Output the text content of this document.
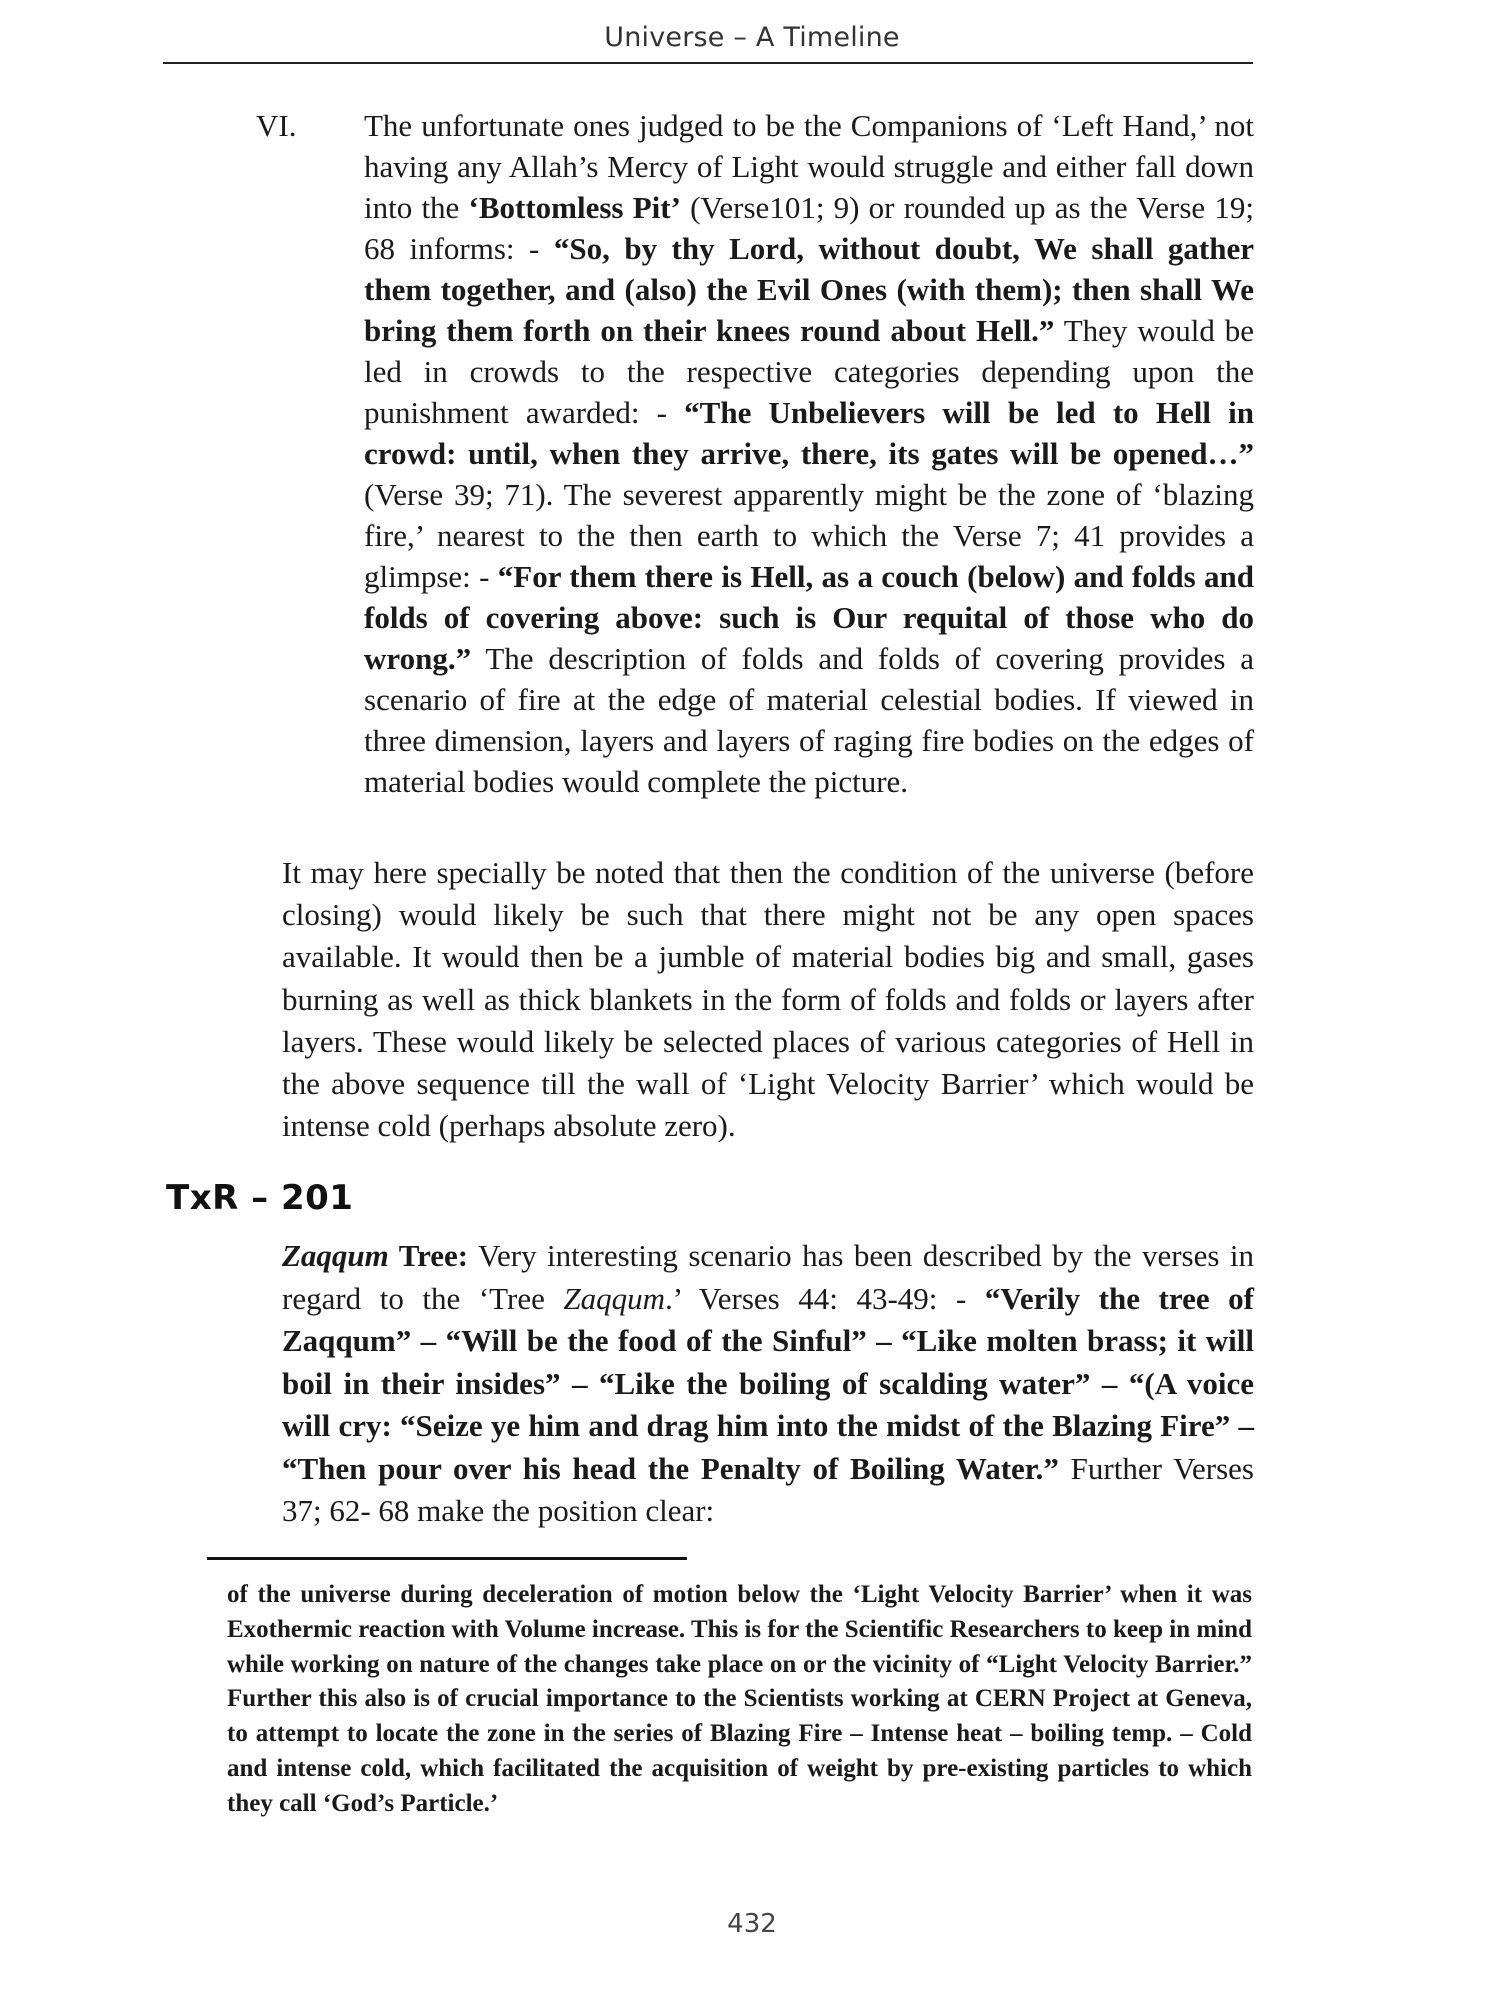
Universe – A Timeline
VI. The unfortunate ones judged to be the Companions of ‘Left Hand,’ not having any Allah’s Mercy of Light would struggle and either fall down into the ‘Bottomless Pit’ (Verse101; 9) or rounded up as the Verse 19; 68 informs: - “So, by thy Lord, without doubt, We shall gather them together, and (also) the Evil Ones (with them); then shall We bring them forth on their knees round about Hell.” They would be led in crowds to the respective categories depending upon the punishment awarded: - “The Unbelievers will be led to Hell in crowd: until, when they arrive, there, its gates will be opened…” (Verse 39; 71). The severest apparently might be the zone of ‘blazing fire,’ nearest to the then earth to which the Verse 7; 41 provides a glimpse: - “For them there is Hell, as a couch (below) and folds and folds of covering above: such is Our requital of those who do wrong.” The description of folds and folds of covering provides a scenario of fire at the edge of material celestial bodies. If viewed in three dimension, layers and layers of raging fire bodies on the edges of material bodies would complete the picture.

It may here specially be noted that then the condition of the universe (before closing) would likely be such that there might not be any open spaces available. It would then be a jumble of material bodies big and small, gases burning as well as thick blankets in the form of folds and folds or layers after layers. These would likely be selected places of various categories of Hell in the above sequence till the wall of ‘Light Velocity Barrier’ which would be intense cold (perhaps absolute zero).

TxR – 201

Zaqqum Tree: Very interesting scenario has been described by the verses in regard to the ‘Tree Zaqqum.’ Verses 44: 43-49: - “Verily the tree of Zaqqum” – “Will be the food of the Sinful” – “Like molten brass; it will boil in their insides” – “Like the boiling of scalding water” – “(A voice will cry: “Seize ye him and drag him into the midst of the Blazing Fire” – “Then pour over his head the Penalty of Boiling Water.” Further Verses 37; 62- 68 make the position clear:

of the universe during deceleration of motion below the ‘Light Velocity Barrier’ when it was Exothermic reaction with Volume increase. This is for the Scientific Researchers to keep in mind while working on nature of the changes take place on or the vicinity of “Light Velocity Barrier.” Further this also is of crucial importance to the Scientists working at CERN Project at Geneva, to attempt to locate the zone in the series of Blazing Fire – Intense heat – boiling temp. – Cold and intense cold, which facilitated the acquisition of weight by pre-existing particles to which they call ‘God’s Particle.’

432
